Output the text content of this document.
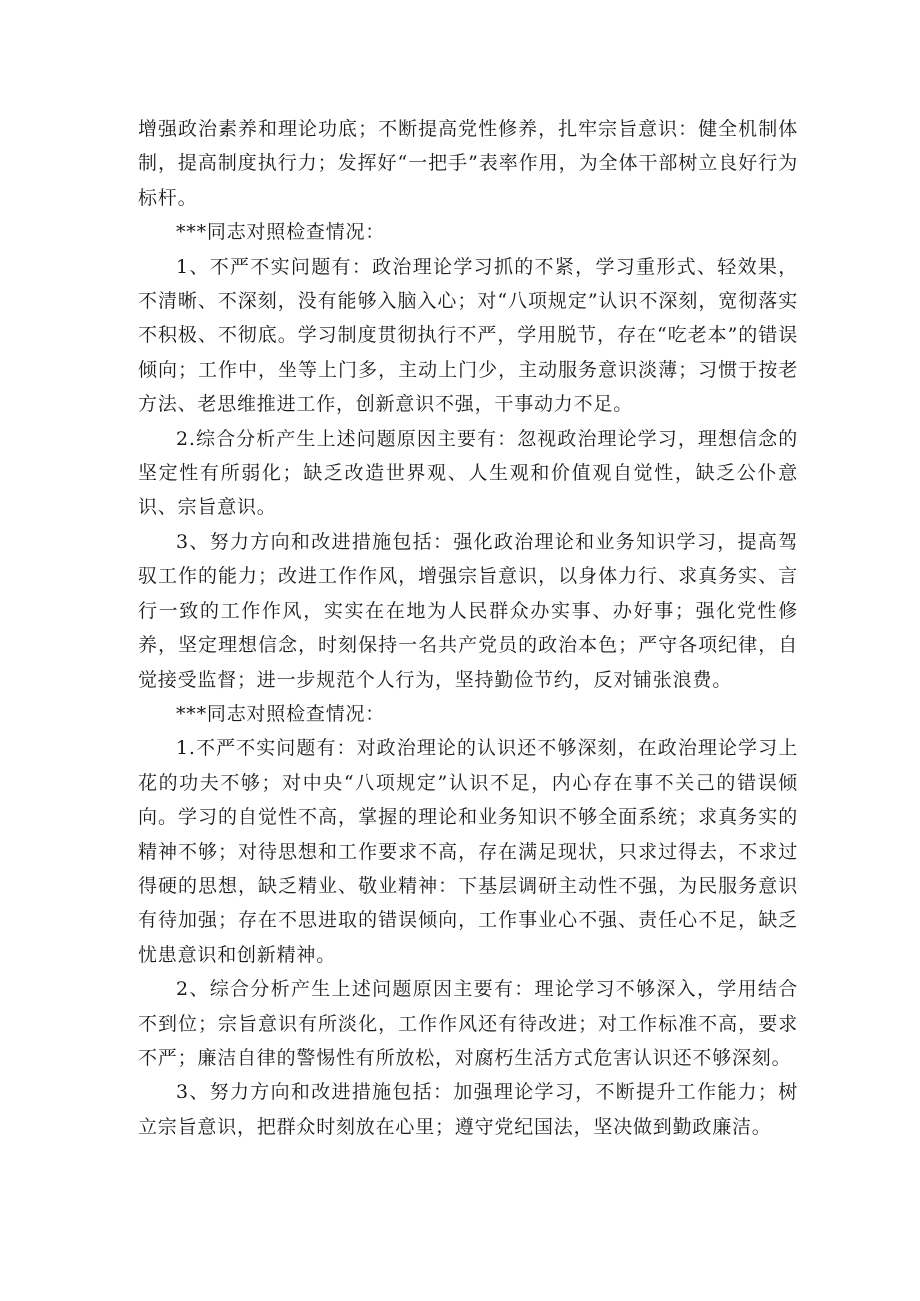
增强政治素养和理论功底；不断提高党性修养，扎牢宗旨意识：健全机制体制，提高制度执行力；发挥好“一把手”表率作用，为全体干部树立良好行为标杆。

***同志对照检查情况：

1、不严不实问题有：政治理论学习抓的不紧，学习重形式、轻效果，不清晰、不深刻，没有能够入脑入心；对“八项规定”认识不深刻，宽彻落实不积极、不彻底。学习制度贯彻执行不严，学用脱节，存在“吃老本”的错误倾向；工作中，坐等上门多，主动上门少，主动服务意识淡薄；习惯于按老方法、老思维推进工作，创新意识不强，干事动力不足。

2.综合分析产生上述问题原因主要有：忽视政治理论学习，理想信念的坚定性有所弱化；缺乏改造世界观、人生观和价值观自觉性，缺乏公仆意识、宗旨意识。

3、努力方向和改进措施包括：强化政治理论和业务知识学习，提高驾驭工作的能力；改进工作作风，增强宗旨意识，以身体力行、求真务实、言行一致的工作作风，实实在在地为人民群众办实事、办好事；强化党性修养，坚定理想信念，时刻保持一名共产党员的政治本色；严守各项纪律，自觉接受监督；进一步规范个人行为，坚持勤俭节约，反对铺张浪费。

***同志对照检查情况：

1.不严不实问题有：对政治理论的认识还不够深刻，在政治理论学习上花的功夫不够；对中央“八项规定”认识不足，内心存在事不关己的错误倾向。学习的自觉性不高，掌握的理论和业务知识不够全面系统；求真务实的精神不够；对待思想和工作要求不高，存在满足现状，只求过得去，不求过得硬的思想，缺乏精业、敬业精神：下基层调研主动性不强，为民服务意识有待加强；存在不思进取的错误倾向，工作事业心不强、责任心不足，缺乏忧患意识和创新精神。

2、综合分析产生上述问题原因主要有：理论学习不够深入，学用结合不到位；宗旨意识有所淡化，工作作风还有待改进；对工作标准不高，要求不严；廉洁自律的警惕性有所放松，对腐朽生活方式危害认识还不够深刻。

3、努力方向和改进措施包括：加强理论学习，不断提升工作能力；树立宗旨意识，把群众时刻放在心里；遵守党纪国法，坚决做到勤政廉洁。
